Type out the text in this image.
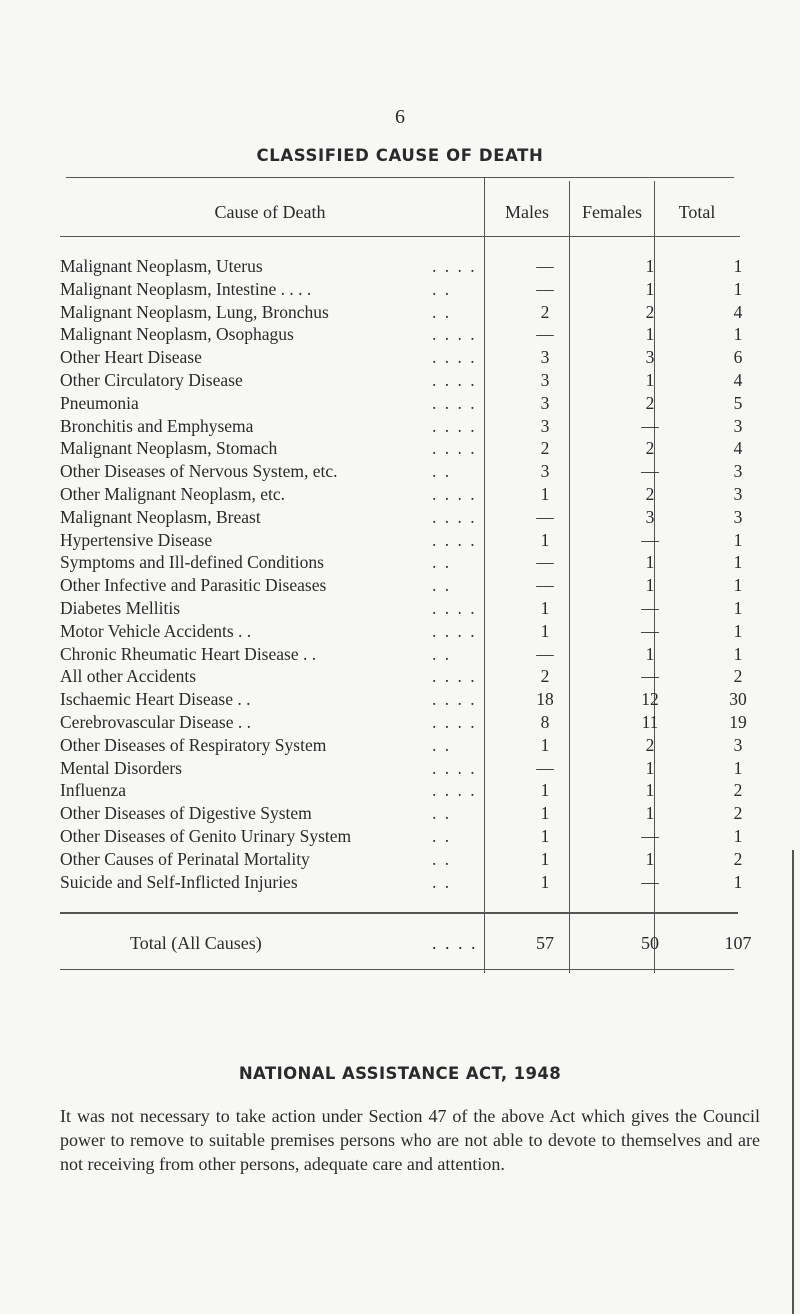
6
CLASSIFIED CAUSE OF DEATH
Cause of Death	Males	Females	Total
Malignant Neoplasm, Uterus	. . . .	—	1	1
Malignant Neoplasm, Intestine . . . .	. .	—	1	1
Malignant Neoplasm, Lung, Bronchus	. .	2	2	4
Malignant Neoplasm, Osophagus	. . . .	—	1	1
Other Heart Disease	. . . .	3	3	6
Other Circulatory Disease	. . . .	3	1	4
Pneumonia	. . . .	3	2	5
Bronchitis and Emphysema	. . . .	3	—	3
Malignant Neoplasm, Stomach	. . . .	2	2	4
Other Diseases of Nervous System, etc.	. .	3	—	3
Other Malignant Neoplasm, etc.	. . . .	1	2	3
Malignant Neoplasm, Breast	. . . .	—	3	3
Hypertensive Disease	. . . .	1	—	1
Symptoms and Ill-defined Conditions	. .	—	1	1
Other Infective and Parasitic Diseases	. .	—	1	1
Diabetes Mellitis	. . . .	1	—	1
Motor Vehicle Accidents . .	. . . .	1	—	1
Chronic Rheumatic Heart Disease . .	. .	—	1	1
All other Accidents	. . . .	2	—	2
Ischaemic Heart Disease . .	. . . .	18	12	30
Cerebrovascular Disease . .	. . . .	8	11	19
Other Diseases of Respiratory System	. .	1	2	3
Mental Disorders	. . . .	—	1	1
Influenza	. . . .	1	1	2
Other Diseases of Digestive System	. .	1	1	2
Other Diseases of Genito Urinary System	. .	1	—	1
Other Causes of Perinatal Mortality	. .	1	1	2
Suicide and Self-Inflicted Injuries	. .	1	—	1
Total (All Causes)	. . . .	57	50	107
NATIONAL ASSISTANCE ACT, 1948
It was not necessary to take action under Section 47 of the above Act which gives the Council power to remove to suitable premises persons who are not able to devote to themselves and are not receiving from other persons, adequate care and attention.
